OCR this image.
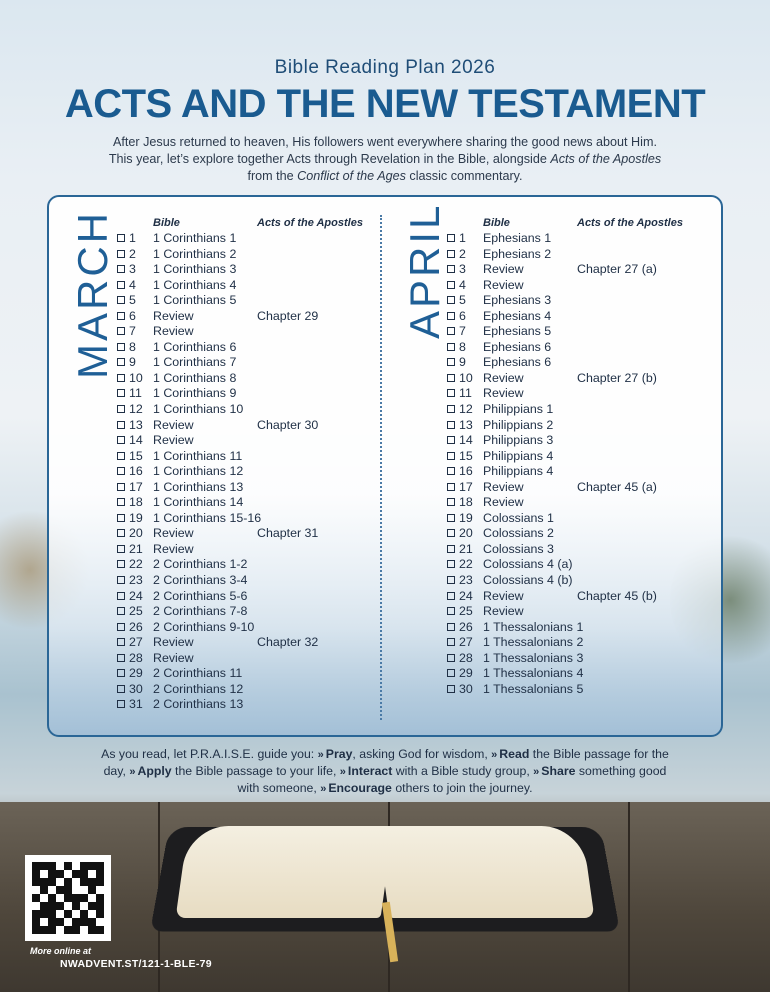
Bible Reading Plan 2026
ACTS AND THE NEW TESTAMENT
After Jesus returned to heaven, His followers went everywhere sharing the good news about Him.
This year, let’s explore together Acts through Revelation in the Bible, alongside Acts of the Apostles
from the Conflict of the Ages classic commentary.
MARCH	Bible	Acts of the Apostles
1 1 Corinthians 1
2 1 Corinthians 2
3 1 Corinthians 3
4 1 Corinthians 4
5 1 Corinthians 5
6 Review	Chapter 29
7 Review
8 1 Corinthians 6
9 1 Corinthians 7
10 1 Corinthians 8
11 1 Corinthians 9
12 1 Corinthians 10
13 Review	Chapter 30
14 Review
15 1 Corinthians 11
16 1 Corinthians 12
17 1 Corinthians 13
18 1 Corinthians 14
19 1 Corinthians 15-16
20 Review	Chapter 31
21 Review
22 2 Corinthians 1-2
23 2 Corinthians 3-4
24 2 Corinthians 5-6
25 2 Corinthians 7-8
26 2 Corinthians 9-10
27 Review	Chapter 32
28 Review
29 2 Corinthians 11
30 2 Corinthians 12
31 2 Corinthians 13
APRIL	Bible	Acts of the Apostles
1 Ephesians 1
2 Ephesians 2
3 Review	Chapter 27 (a)
4 Review
5 Ephesians 3
6 Ephesians 4
7 Ephesians 5
8 Ephesians 6
9 Ephesians 6
10 Review	Chapter 27 (b)
11 Review
12 Philippians 1
13 Philippians 2
14 Philippians 3
15 Philippians 4
16 Philippians 4
17 Review	Chapter 45 (a)
18 Review
19 Colossians 1
20 Colossians 2
21 Colossians 3
22 Colossians 4 (a)
23 Colossians 4 (b)
24 Review	Chapter 45 (b)
25 Review
26 1 Thessalonians 1
27 1 Thessalonians 2
28 1 Thessalonians 3
29 1 Thessalonians 4
30 1 Thessalonians 5
As you read, let P.R.A.I.S.E. guide you: » Pray, asking God for wisdom, » Read the Bible passage for the day, » Apply the Bible passage to your life, » Interact with a Bible study group, » Share something good with someone, » Encourage others to join the journey.
More online at
NWADVENT.ST/121-1-BLE-79
